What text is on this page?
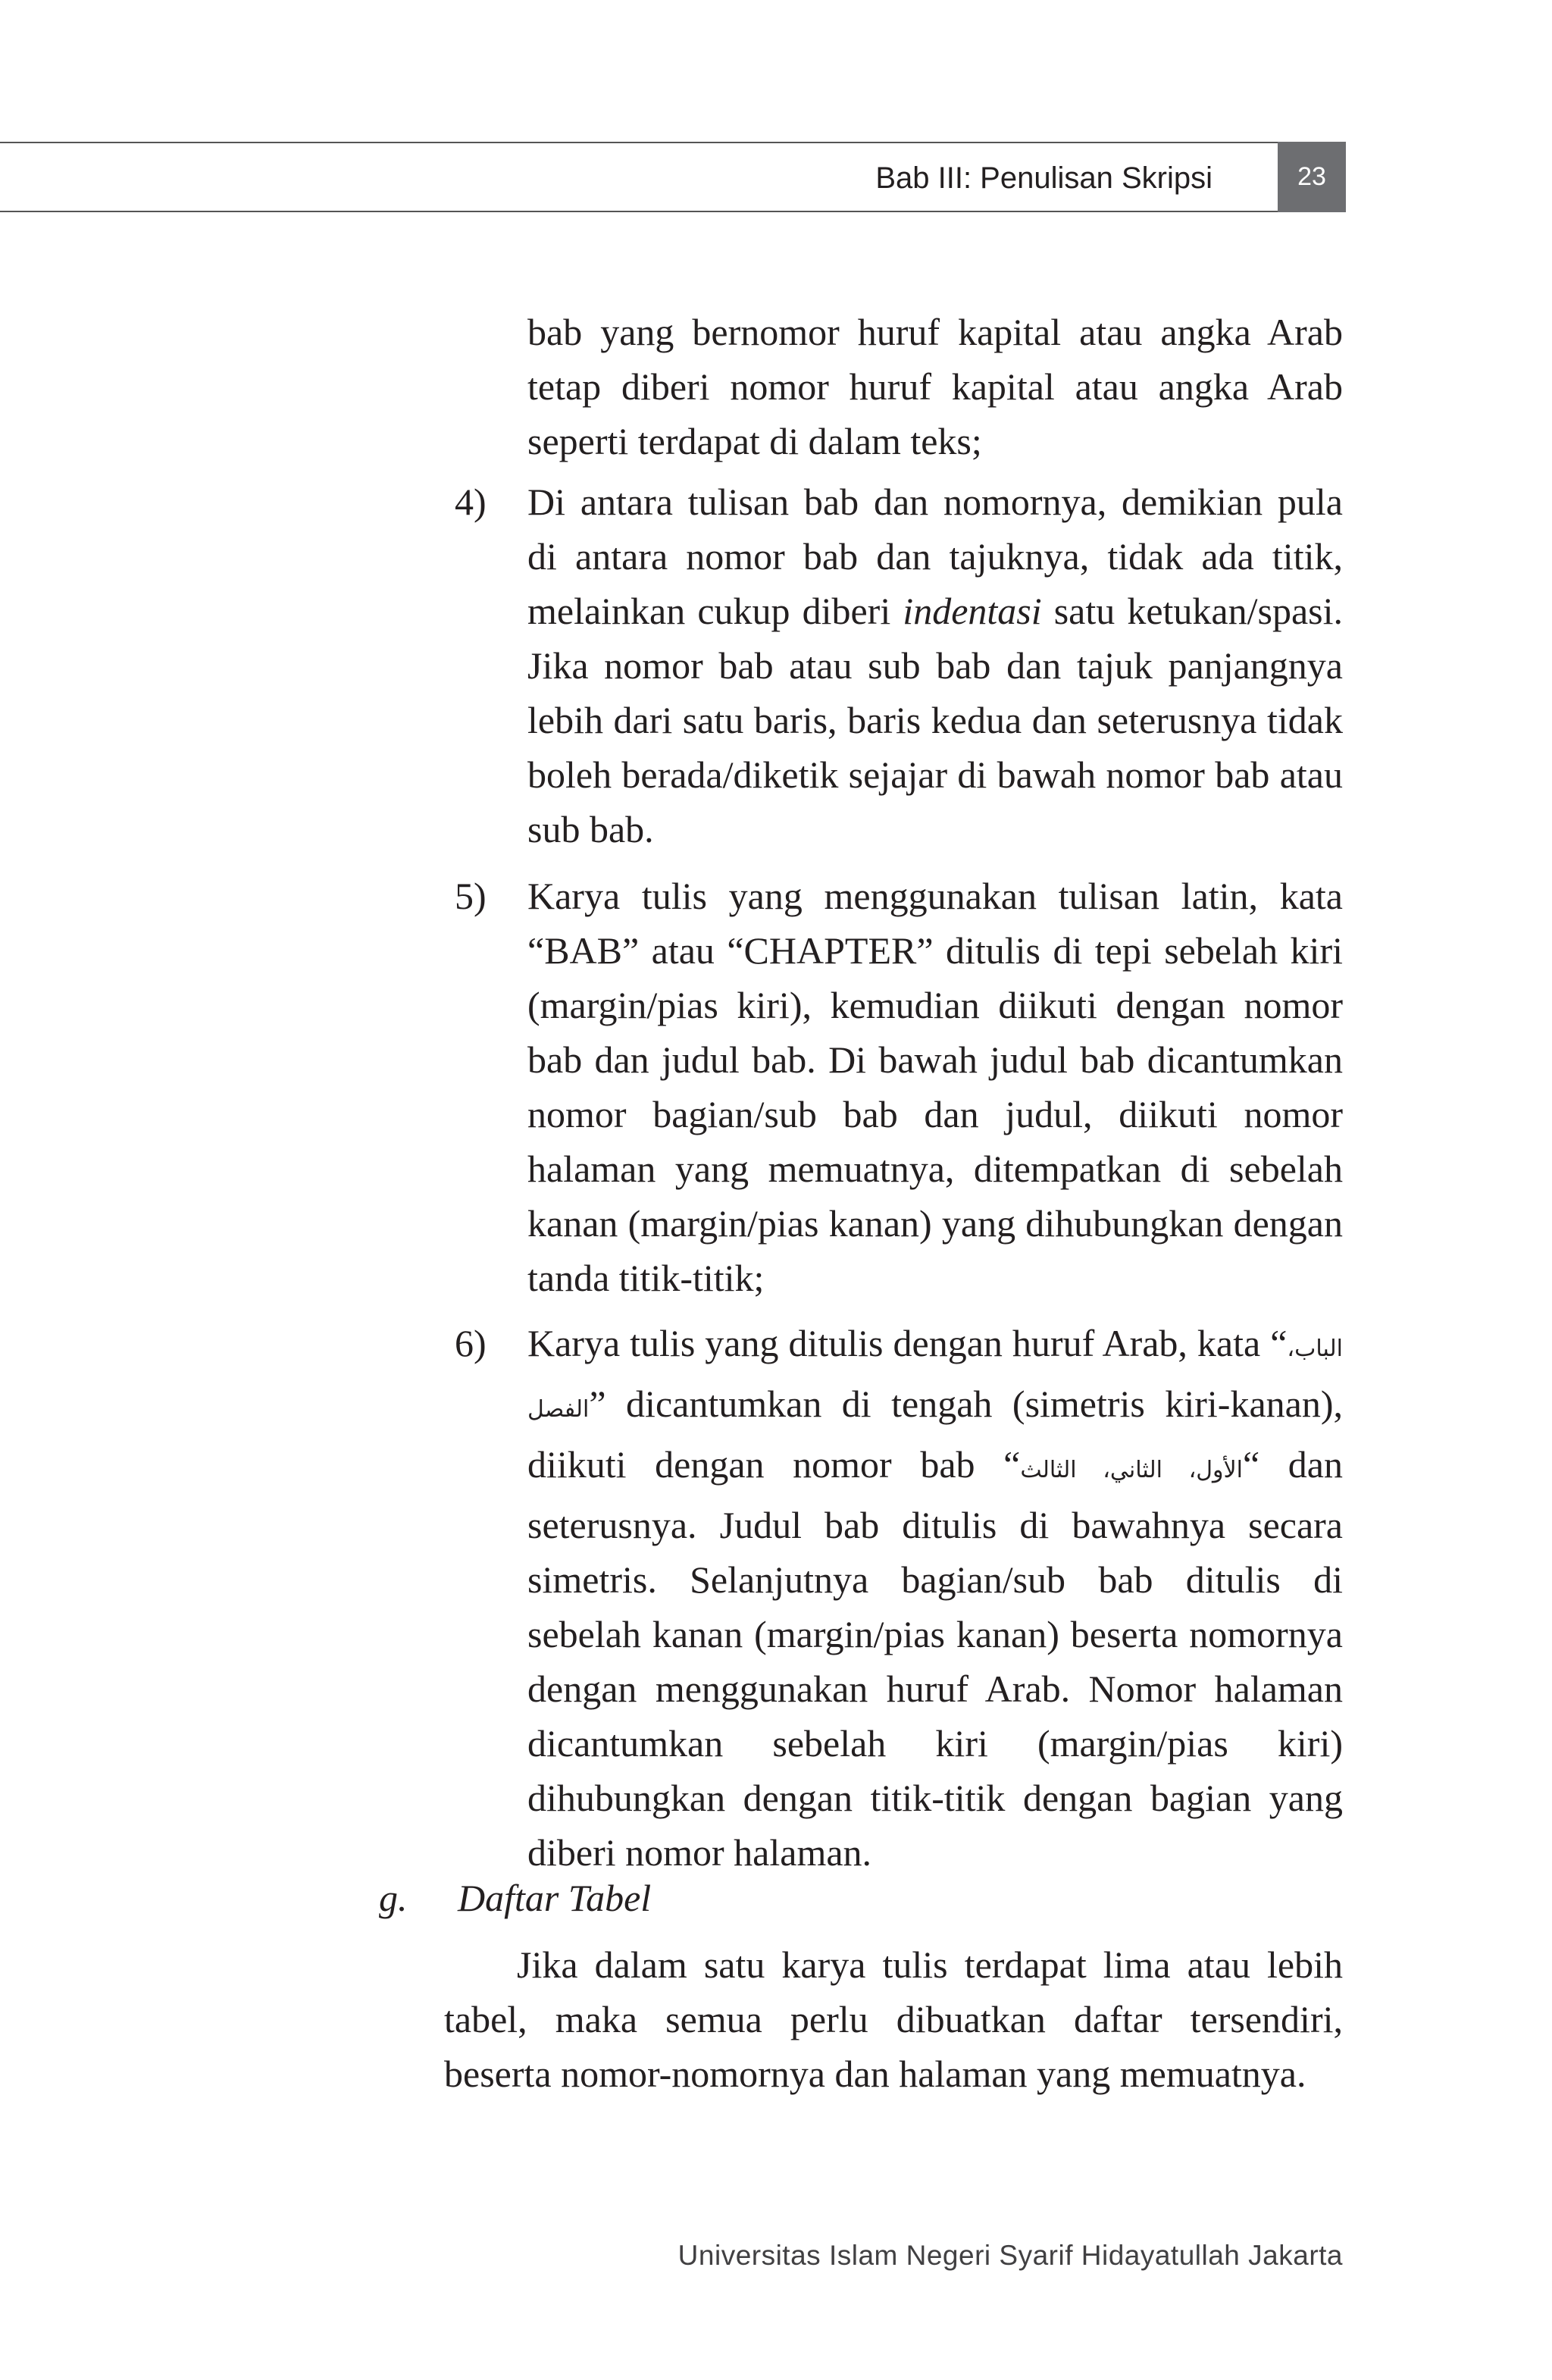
Bab III: Penulisan Skripsi	23
bab yang bernomor huruf kapital atau angka Arab tetap diberi nomor huruf kapital atau angka Arab seperti terdapat di dalam teks;
4)	Di antara tulisan bab dan nomornya, demikian pula di antara nomor bab dan tajuknya, tidak ada titik, melainkan cukup diberi indentasi satu ketukan/spasi. Jika nomor bab atau sub bab dan tajuk panjangnya lebih dari satu baris, baris kedua dan seterusnya tidak boleh berada/diketik sejajar di bawah nomor bab atau sub bab.
5)	Karya tulis yang menggunakan tulisan latin, kata “BAB” atau “CHAPTER” ditulis di tepi sebelah kiri (margin/pias kiri), kemudian diikuti dengan nomor bab dan judul bab. Di bawah judul bab dicantumkan nomor bagian/sub bab dan judul, diikuti nomor halaman yang memuatnya, ditempatkan di sebelah kanan (margin/pias kanan) yang dihubungkan dengan tanda titik-titik;
6)	Karya tulis yang ditulis dengan huruf Arab, kata “الباب، الفصل” dicantumkan di tengah (simetris kiri-kanan), diikuti dengan nomor bab “الأول، الثاني، الثالث“ dan seterusnya. Judul bab ditulis di bawahnya secara simetris. Selanjutnya bagian/sub bab ditulis di sebelah kanan (margin/pias kanan) beserta nomornya dengan menggunakan huruf Arab. Nomor halaman dicantumkan sebelah kiri (margin/pias kiri) dihubungkan dengan titik-titik dengan bagian yang diberi nomor halaman.
g. Daftar Tabel
Jika dalam satu karya tulis terdapat lima atau lebih tabel, maka semua perlu dibuatkan daftar tersendiri, beserta nomor-nomornya dan halaman yang memuatnya.
Universitas Islam Negeri Syarif Hidayatullah Jakarta
